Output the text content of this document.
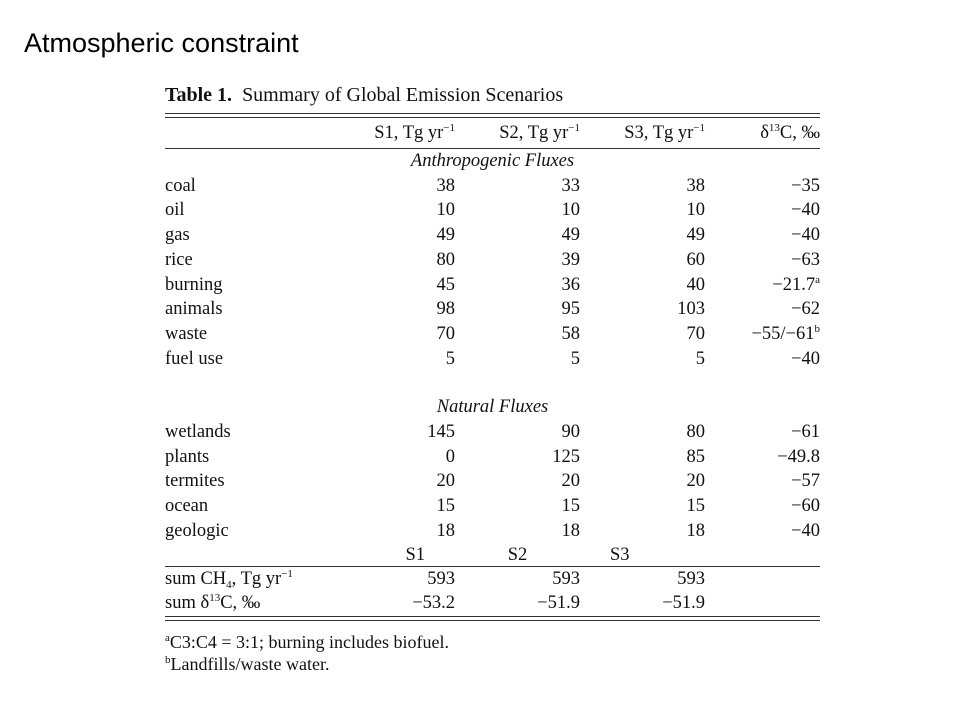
Atmospheric constraint
Table 1. Summary of Global Emission Scenarios
	S1, Tg $yr^{-1}$	S2, Tg $yr^{-1}$	S3, Tg $yr^{-1}$	$\delta^{13}C$, ‰
Anthropogenic Fluxes				
coal	38	33	38	−35
oil	10	10	10	−40
gas	49	49	49	−40
rice	80	39	60	−63
burning	45	36	40	−21.7$^a$
animals	98	95	103	−62
waste	70	58	70	$-55/-61^b$
fuel use	5	5	5	−40

Natural Fluxes				
wetlands	145	90	80	−61
plants	0	125	85	−49.8
termites	20	20	20	−57
ocean	15	15	15	−60
geologic	18	18	18	−40
	S1	S2	S3	
sum $CH_4$, Tg $yr^{-1}$	593	593	593	
sum $\delta^{13}C$, ‰	−53.2	−51.9	−51.9	
$^a$C3:C4 = 3:1; burning includes biofuel.
$^b$Landfills/waste water.
